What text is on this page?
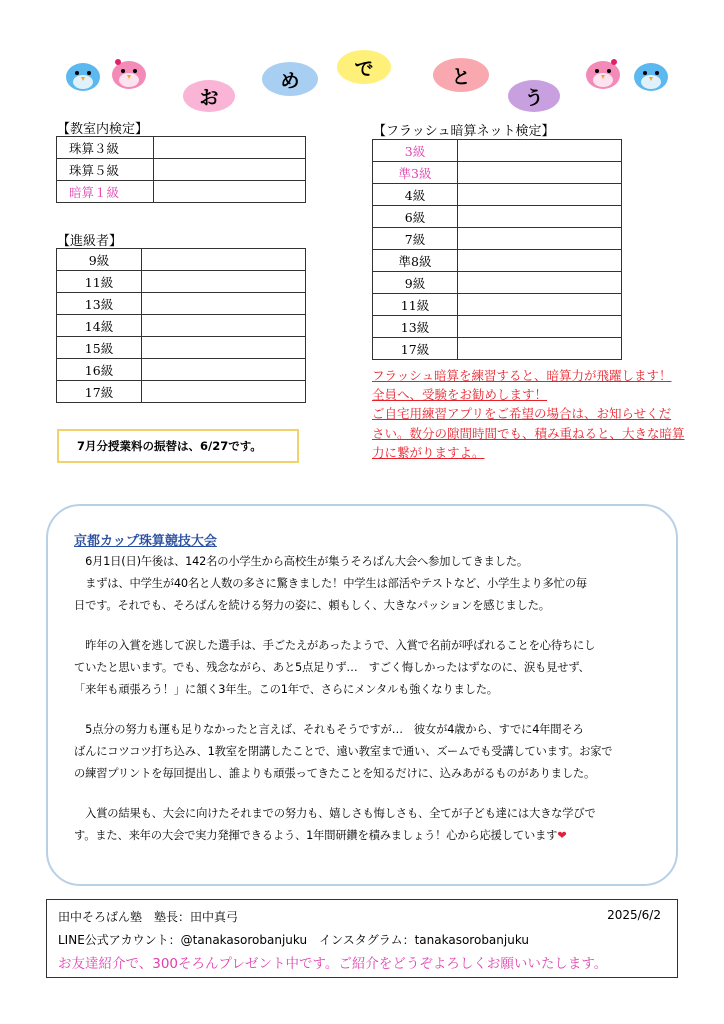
お
め
で	と
う
【教室内検定】
珠算３級	
珠算５級	
暗算１級	
【進級者】
9級	
11級	
13級	
14級	
15級	
16級	
17級	
7月分授業料の振替は、6/27です。
【フラッシュ暗算ネット検定】
3級	
準3級	
4級	
6級	
7級	
準8級	
9級	
11級	
13級	
17級	
フラッシュ暗算を練習すると、暗算力が飛躍します！
全員へ、受験をお勧めします！
ご自宅用練習アプリをご希望の場合は、お知らせくだ
さい。数分の隙間時間でも、積み重ねると、大きな暗算
力に繋がりますよ。
京都カップ珠算競技大会
　6月1日(日)午後は、142名の小学生から高校生が集うそろばん大会へ参加してきました。
　まずは、中学生が40名と人数の多さに驚きました！中学生は部活やテストなど、小学生より多忙の毎
日です。それでも、そろばんを続ける努力の姿に、頼もしく、大きなパッションを感じました。
　昨年の入賞を逃して涙した選手は、手ごたえがあったようで、入賞で名前が呼ばれることを心待ちにし
ていたと思います。でも、残念ながら、あと5点足りず…　すごく悔しかったはずなのに、涙も見せず、
「来年も頑張ろう！」に頷く3年生。この1年で、さらにメンタルも強くなりました。
　5点分の努力も運も足りなかったと言えば、それもそうですが…　彼女が4歳から、すでに4年間そろ
ばんにコツコツ打ち込み、1教室を閉講したことで、遠い教室まで通い、ズームでも受講しています。お家で
の練習プリントを毎回提出し、誰よりも頑張ってきたことを知るだけに、込みあがるものがありました。
　入賞の結果も、大会に向けたそれまでの努力も、嬉しさも悔しさも、全てが子ども達には大きな学びで
す。また、来年の大会で実力発揮できるよう、1年間研鑽を積みましょう！心から応援しています❤
田中そろばん塾　塾長：田中真弓	2025/6/2
LINE公式アカウント：@tanakasorobanjuku　インスタグラム：tanakasorobanjuku
お友達紹介で、300そろんプレゼント中です。ご紹介をどうぞよろしくお願いいたします。
